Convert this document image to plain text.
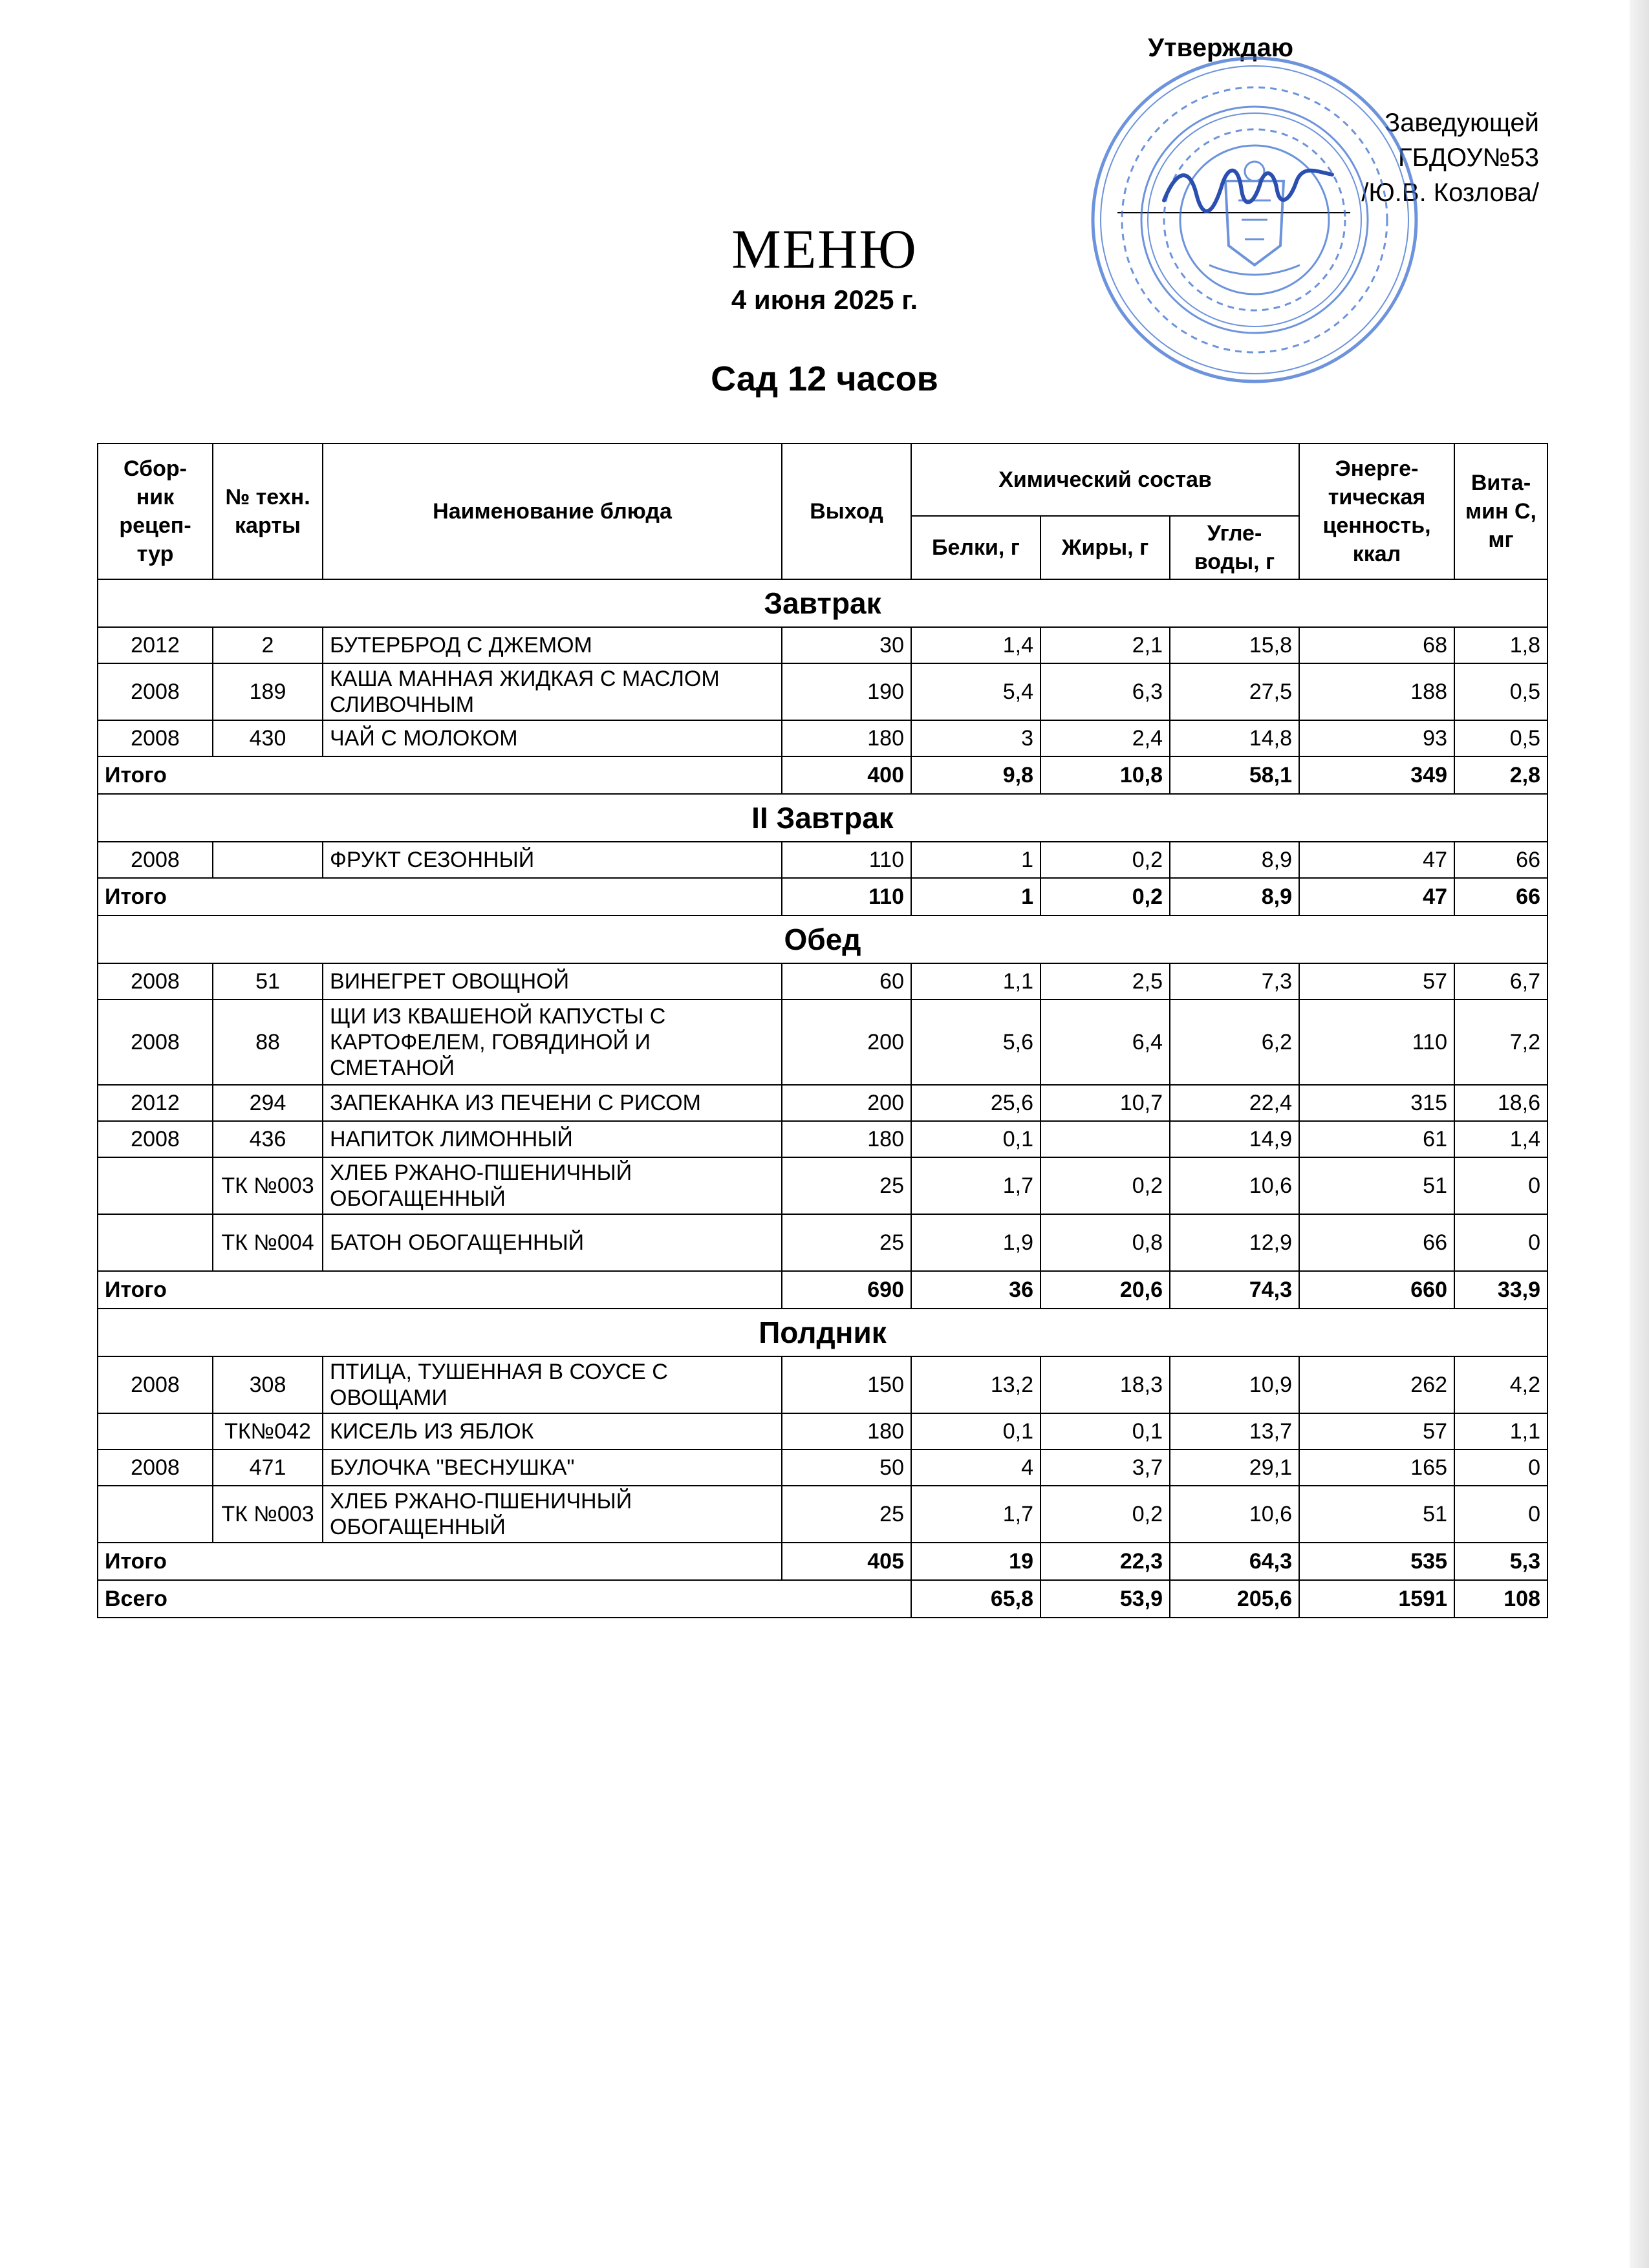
Утверждаю
Заведующей
ГБДОУ№53
/Ю.В. Козлова/
МЕНЮ
4 июня 2025 г.
Сад 12 часов
Сбор-ник рецеп-тур	№ техн. карты	Наименование блюда	Выход	Химический состав			Энерге-тическая ценность, ккал	Вита-мин С, мг
				Белки, г	Жиры, г	Угле-воды, г		
Завтрак								
2012	2	БУТЕРБРОД С ДЖЕМОМ	30	1,4	2,1	15,8	68	1,8
2008	189	КАША МАННАЯ ЖИДКАЯ С МАСЛОМ СЛИВОЧНЫМ	190	5,4	6,3	27,5	188	0,5
2008	430	ЧАЙ С МОЛОКОМ	180	3	2,4	14,8	93	0,5
Итого			400	9,8	10,8	58,1	349	2,8
II Завтрак								
2008		ФРУКТ СЕЗОННЫЙ	110	1	0,2	8,9	47	66
Итого			110	1	0,2	8,9	47	66
Обед								
2008	51	ВИНЕГРЕТ ОВОЩНОЙ	60	1,1	2,5	7,3	57	6,7
2008	88	ЩИ ИЗ КВАШЕНОЙ КАПУСТЫ С КАРТОФЕЛЕМ, ГОВЯДИНОЙ И СМЕТАНОЙ	200	5,6	6,4	6,2	110	7,2
2012	294	ЗАПЕКАНКА ИЗ ПЕЧЕНИ С РИСОМ	200	25,6	10,7	22,4	315	18,6
2008	436	НАПИТОК ЛИМОННЫЙ	180	0,1		14,9	61	1,4
	ТК №003	ХЛЕБ РЖАНО-ПШЕНИЧНЫЙ ОБОГАЩЕННЫЙ	25	1,7	0,2	10,6	51	0
	ТК №004	БАТОН ОБОГАЩЕННЫЙ	25	1,9	0,8	12,9	66	0
Итого			690	36	20,6	74,3	660	33,9
Полдник								
2008	308	ПТИЦА, ТУШЕННАЯ В СОУСЕ С ОВОЩАМИ	150	13,2	18,3	10,9	262	4,2
	ТК№042	КИСЕЛЬ ИЗ ЯБЛОК	180	0,1	0,1	13,7	57	1,1
2008	471	БУЛОЧКА "ВЕСНУШКА"	50	4	3,7	29,1	165	0
	ТК №003	ХЛЕБ РЖАНО-ПШЕНИЧНЫЙ ОБОГАЩЕННЫЙ	25	1,7	0,2	10,6	51	0
Итого			405	19	22,3	64,3	535	5,3
Всего				65,8	53,9	205,6	1591	108
